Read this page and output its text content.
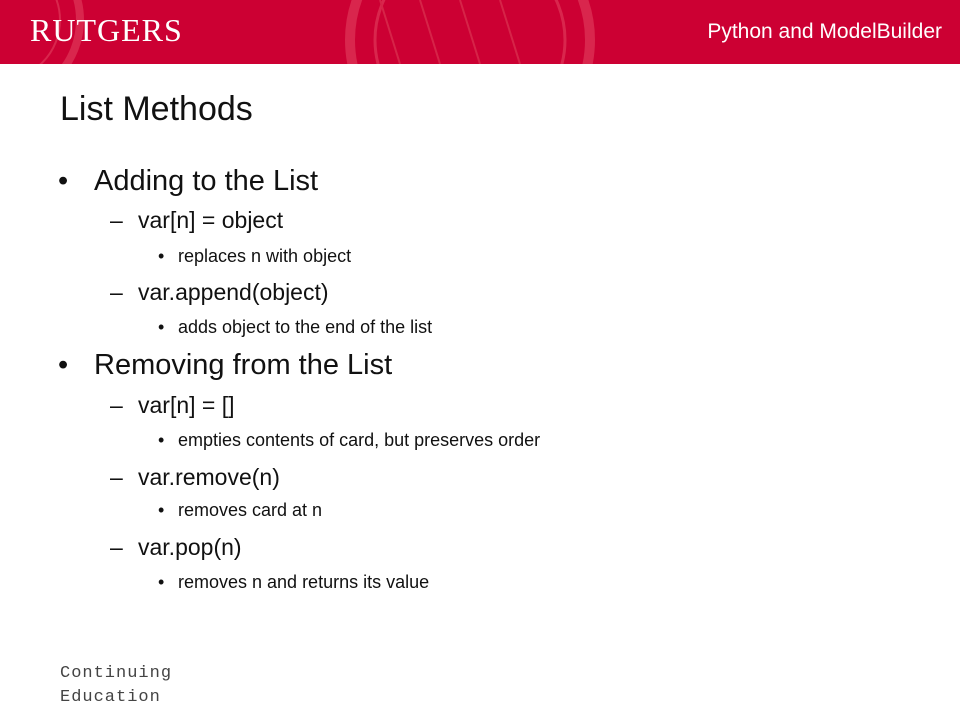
RUTGERS	Python and ModelBuilder
List Methods
• Adding to the List
– var[n] = object
• replaces n with object
– var.append(object)
• adds object to the end of the list
• Removing from the List
– var[n] = []
• empties contents of card, but preserves order
– var.remove(n)
• removes card at n
– var.pop(n)
• removes n and returns its value
Continuing
Education
